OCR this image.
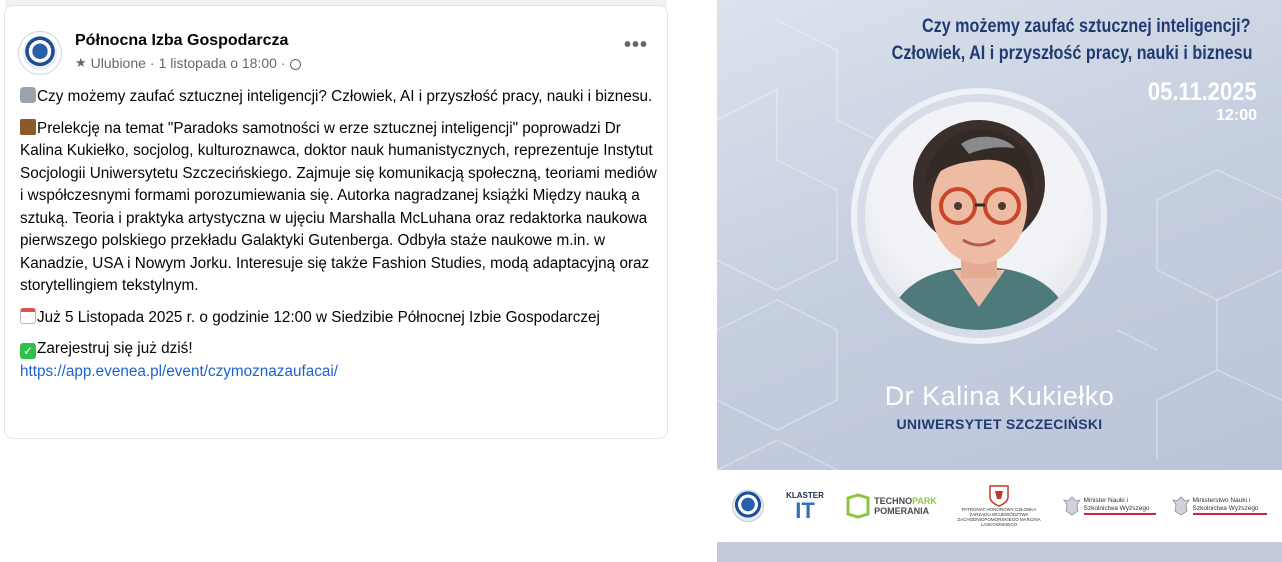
Północna Izba Gospodarcza
★ Ulubione · 1 listopada o 18:00 ·
•••

Czy możemy zaufać sztucznej inteligencji? Człowiek, AI i przyszłość pracy, nauki i biznesu.

Prelekcję na temat "Paradoks samotności w erze sztucznej inteligencji" poprowadzi Dr Kalina Kukiełko, socjolog, kulturoznawca, doktor nauk humanistycznych, reprezentuje Instytut Socjologii Uniwersytetu Szczecińskiego. Zajmuje się komunikacją społeczną, teoriami mediów i współczesnymi formami porozumiewania się. Autorka nagradzanej książki Między nauką a sztuką. Teoria i praktyka artystyczna w ujęciu Marshalla McLuhana oraz redaktorka naukowa pierwszego polskiego przekładu Galaktyki Gutenberga. Odbyła staże naukowe m.in. w Kanadzie, USA i Nowym Jorku. Interesuje się także Fashion Studies, modą adaptacyjną oraz storytellingiem tekstylnym.

Już 5 Listopada 2025 r. o godzinie 12:00 w Siedzibie Północnej Izbie Gospodarczej

✓ Zarejestruj się już dziś!

https://app.evenea.pl/event/czymoznazaufacai/
Czy możemy zaufać sztucznej inteligencji?
Człowiek, AI i przyszłość pracy, nauki i biznesu
05.11.2025
12:00
Dr Kalina Kukiełko
UNIWERSYTET SZCZECIŃSKI
KLASTER
IT	TECHNOPARK
POMERANIA	PATRONAT HONOROWY CZŁONKA ZARZĄDU WOJEWÓDZTWA ZACHODNIOPOMORSKIEGO MARCINA LASKOWSKIEGO
Minister Nauki i Szkolnictwa Wyższego
Ministerstwo Nauki i Szkolnictwa Wyższego
